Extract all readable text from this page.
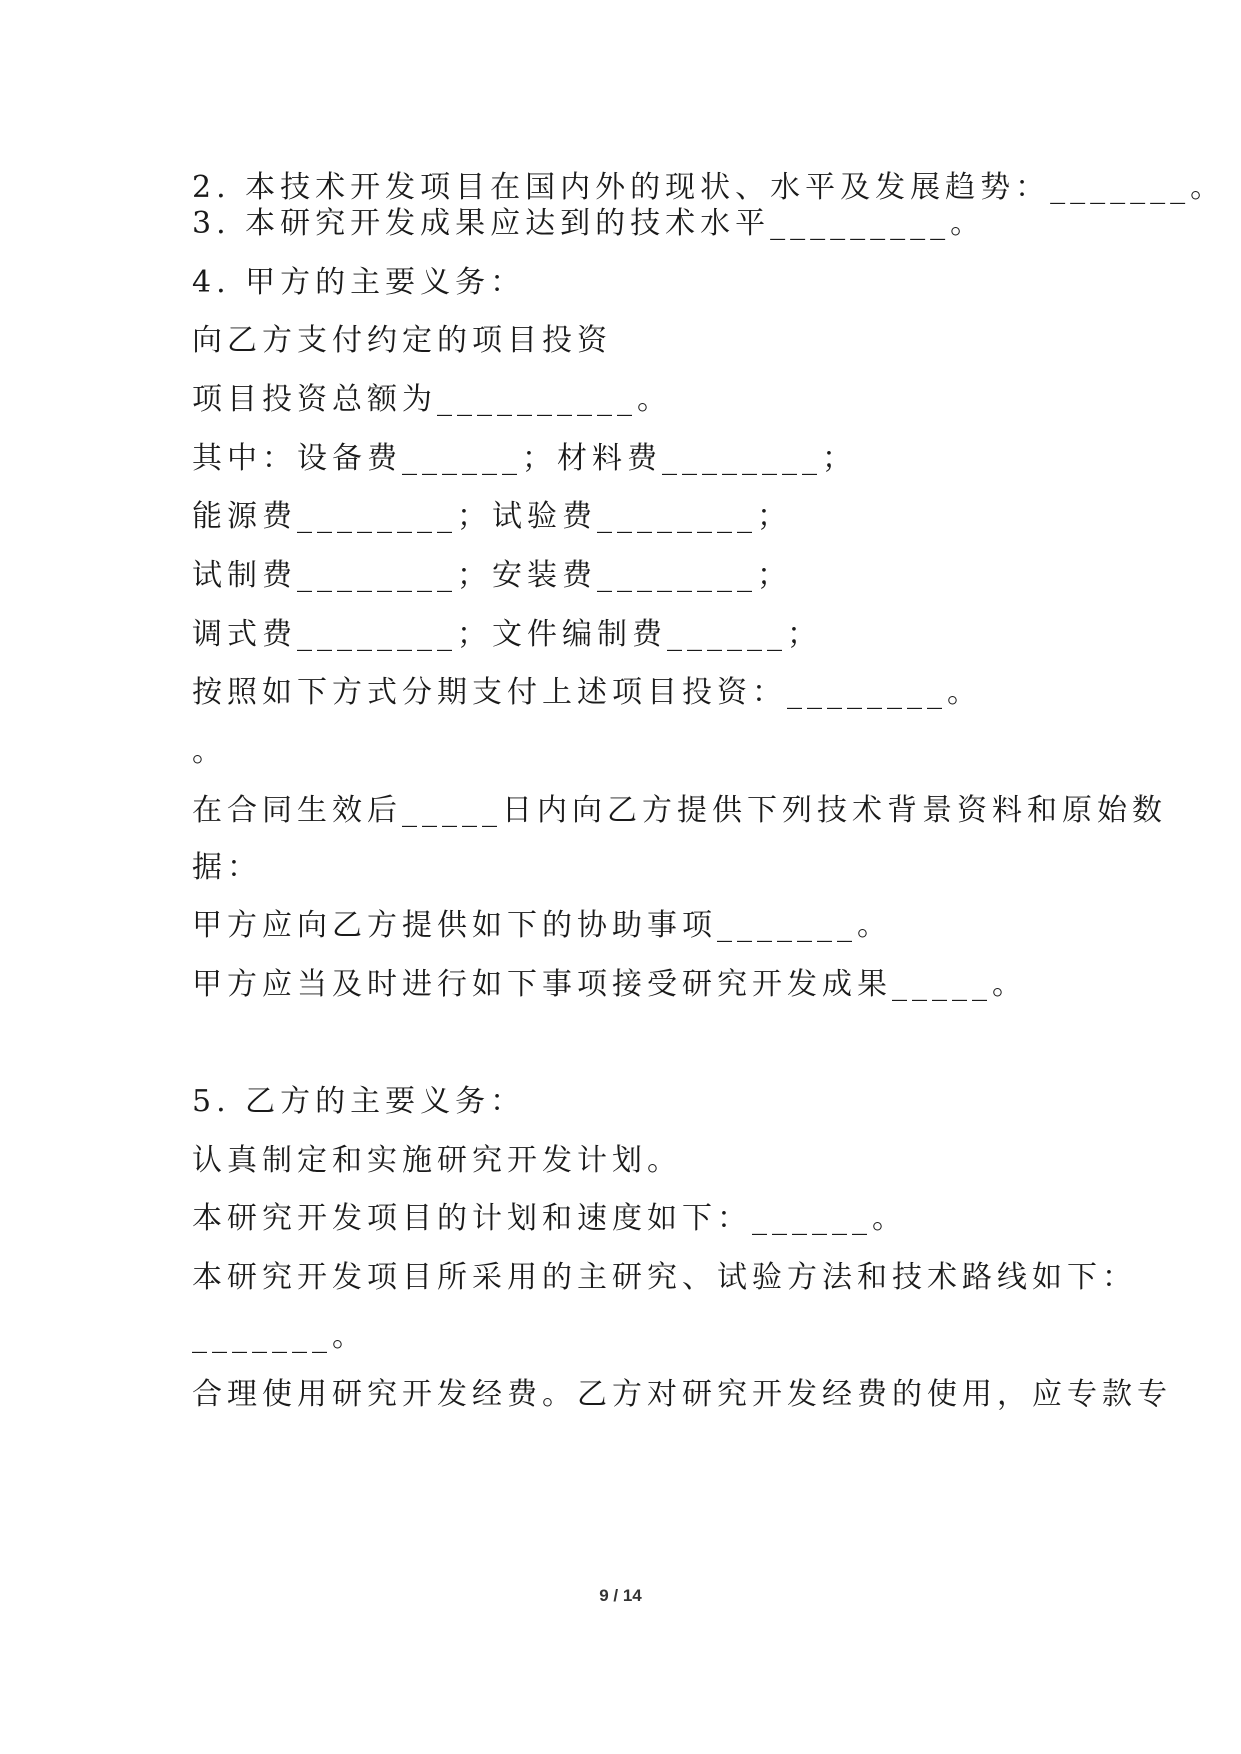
2. 本技术开发项目在国内外的现状、水平及发展趋势：_______。
3. 本研究开发成果应达到的技术水平_________。
4. 甲方的主要义务：
向乙方支付约定的项目投资
项目投资总额为__________。
其中：设备费______；材料费________；
能源费________；试验费________；
试制费________；安装费________；
调式费________；文件编制费______；
按照如下方式分期支付上述项目投资：________。
。
在合同生效后_____日内向乙方提供下列技术背景资料和原始数
据：
甲方应向乙方提供如下的协助事项_______。
甲方应当及时进行如下事项接受研究开发成果_____。
5. 乙方的主要义务：
认真制定和实施研究开发计划。
本研究开发项目的计划和速度如下：______。
本研究开发项目所采用的主研究、试验方法和技术路线如下：
_______。
合理使用研究开发经费。乙方对研究开发经费的使用，应专款专
9 / 14
